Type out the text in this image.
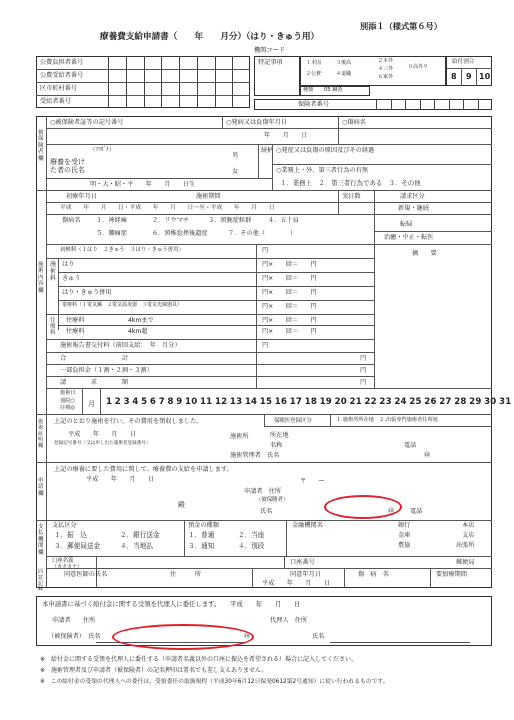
別添１（様式第６号）
療養費支給申請書（　　年　　月分）（はり・きゅう用）
機関コード
公費負担者番号
公費受給者番号
区市町村番号
受給者番号
特記事項	１本国
２公費
３後高
４退職
２本外
４三外
６家外
０高外９
給付割合
8 9 10
種類 05 鍼灸
保険者番号
被保険者欄
○被保険者証等の記号番号	○発病又は負傷年月日	○傷病名
年　　月　　日
（ﾌﾘｶﾞﾅ）	続柄 ○発症又は負傷の原因及びその経過
療養を受けた者の氏名
男
女	○業務上・外、第三者行為の有無
明・大・昭・平　　年　　月　　日生	１．業務上　２．第三者行為である　３．その他
施術内容欄
初療年月日	施術期間	実日数	請求区分
平成　　年　　月　　日・平成　　年　　月　　日〜至・平成　　年　　月　　日	新規・継続
傷病名 １．神経痛	２．リウマチ	３．頸腕症候群	４．五十肩
５．腰痛症	６．頸椎捻挫後遺症	７．その他（　　　　）
転帰
治癒・中止・転医
摘　　要
施術料
初検料（１はり　２きゅう　３はり・きゅう併用）	円
はり	円×　　回＝　　円
きゅう	円×　　回＝　　円
はり・きゅう併用	円×　　回＝　　円
電療料（１電気鍼　２電気温灸器　３電気光線器具）	円×　　回＝　　円
往療料
往療料　　　　　　　4kmまで	円×　　回＝　　円
往療料　　　　　　　4km超	円×　　回＝　　円
施術報告書交付料（前回支給：　年　月分）	円
合　　　　　　　　　計	円
一部負担金（１割・２割・３割）	円
請　　　　求　　　　額	円
施術日
通院○
往療◎ 月 1 2 3 4 5 6 7 8 9 10 11 12 13 14 15 16 17 18 19 20 21 22 23 24 25 26 27 28 29 30 31
施術証明欄
上記のとおり施術を行い、その費用を領収しました。	保険医登録区分	１.施術所所在地　２.出張専門施術者住所地
平成　　年　　月　　日
登録記号番号（又は申し出た施術者登録番号）
施術所	所在地
名称	電話
施術管理者　氏名	㊞
申請欄
上記の療養に要した費用に関して、療養費の支給を申請します。
平成　　年　　月　　日	〒　　ー
申請者　住所
（被保険者）
殿
氏名	㊞	電話
支払機関欄
支払区分
１．振　込	２．銀行送金
３．郵便局送金	４．当地払
預金の種類
１．普通	２．当座
３．通知	４．別段
金融機関名	銀行
金庫
農協
本店
支店
出張所
口座名義
（カタカナ）
口座番号	郵便局
同意医師の氏名
同意記録
住　　　所	同意年月日	傷　病　名	要加療期間
平成　　年　　月　　日
本申請書に基づく給付金に関する受領を代理人に委任します。　　平成　　年　　月　　日
申請者　　住所	代理人　住所
（被保険者）　氏名	㊞	氏名
※　給付金に関する受領を代理人に委任する（申請者名義以外の口座に振込を希望される）場合に記入してください。
※　施術管理者及び申請者（被保険者）の記名押印は署名でも差し支えありません。
※　この給付金の受領の代理人への委任は、受領委任の取扱規程（平成30年6月12日保発0612第2号通知）に従い行われるものです。
